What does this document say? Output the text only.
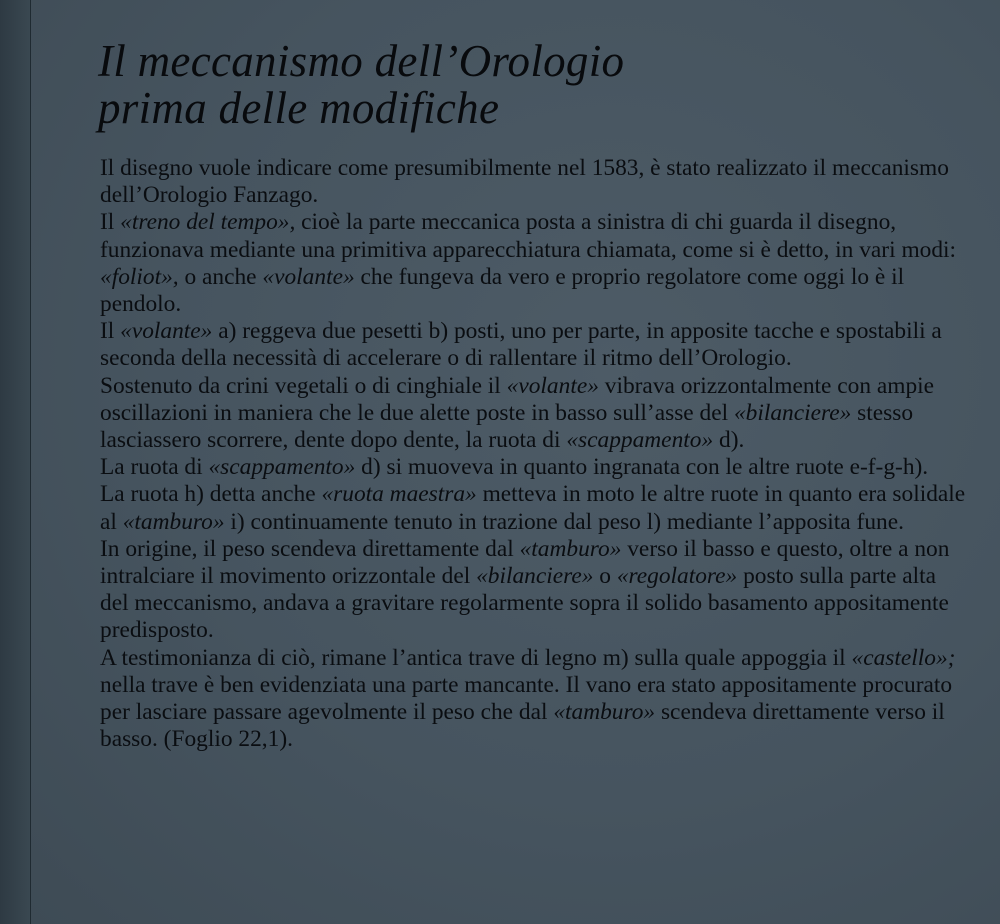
Il meccanismo dell’Orologio
prima delle modifiche
Il disegno vuole indicare come presumibilmente nel 1583, è stato realizzato il meccanismo dell’Orologio Fanzago.
Il «treno del tempo», cioè la parte meccanica posta a sinistra di chi guarda il disegno, funzionava mediante una primitiva apparecchiatura chiamata, come si è detto, in vari modi: «foliot», o anche «volante» che fungeva da vero e proprio regolatore come oggi lo è il pendolo.
Il «volante» a) reggeva due pesetti b) posti, uno per parte, in apposite tacche e spostabili a seconda della necessità di accelerare o di rallentare il ritmo dell’Orologio.
Sostenuto da crini vegetali o di cinghiale il «volante» vibrava orizzontalmente con ampie oscillazioni in maniera che le due alette poste in basso sull’asse del «bilanciere» stesso lasciassero scorrere, dente dopo dente, la ruota di «scappamento» d).
La ruota di «scappamento» d) si muoveva in quanto ingranata con le altre ruote e-f-g-h).
La ruota h) detta anche «ruota maestra» metteva in moto le altre ruote in quanto era solidale al «tamburo» i) continuamente tenuto in trazione dal peso l) mediante l’apposita fune.
In origine, il peso scendeva direttamente dal «tamburo» verso il basso e questo, oltre a non intralciare il movimento orizzontale del «bilanciere» o «regolatore» posto sulla parte alta del meccanismo, andava a gravitare regolarmente sopra il solido basamento appositamente predisposto.
A testimonianza di ciò, rimane l’antica trave di legno m) sulla quale appoggia il «castello»; nella trave è ben evidenziata una parte mancante. Il vano era stato appositamente procurato per lasciare passare agevolmente il peso che dal «tamburo» scendeva direttamente verso il basso. (Foglio 22,1).
